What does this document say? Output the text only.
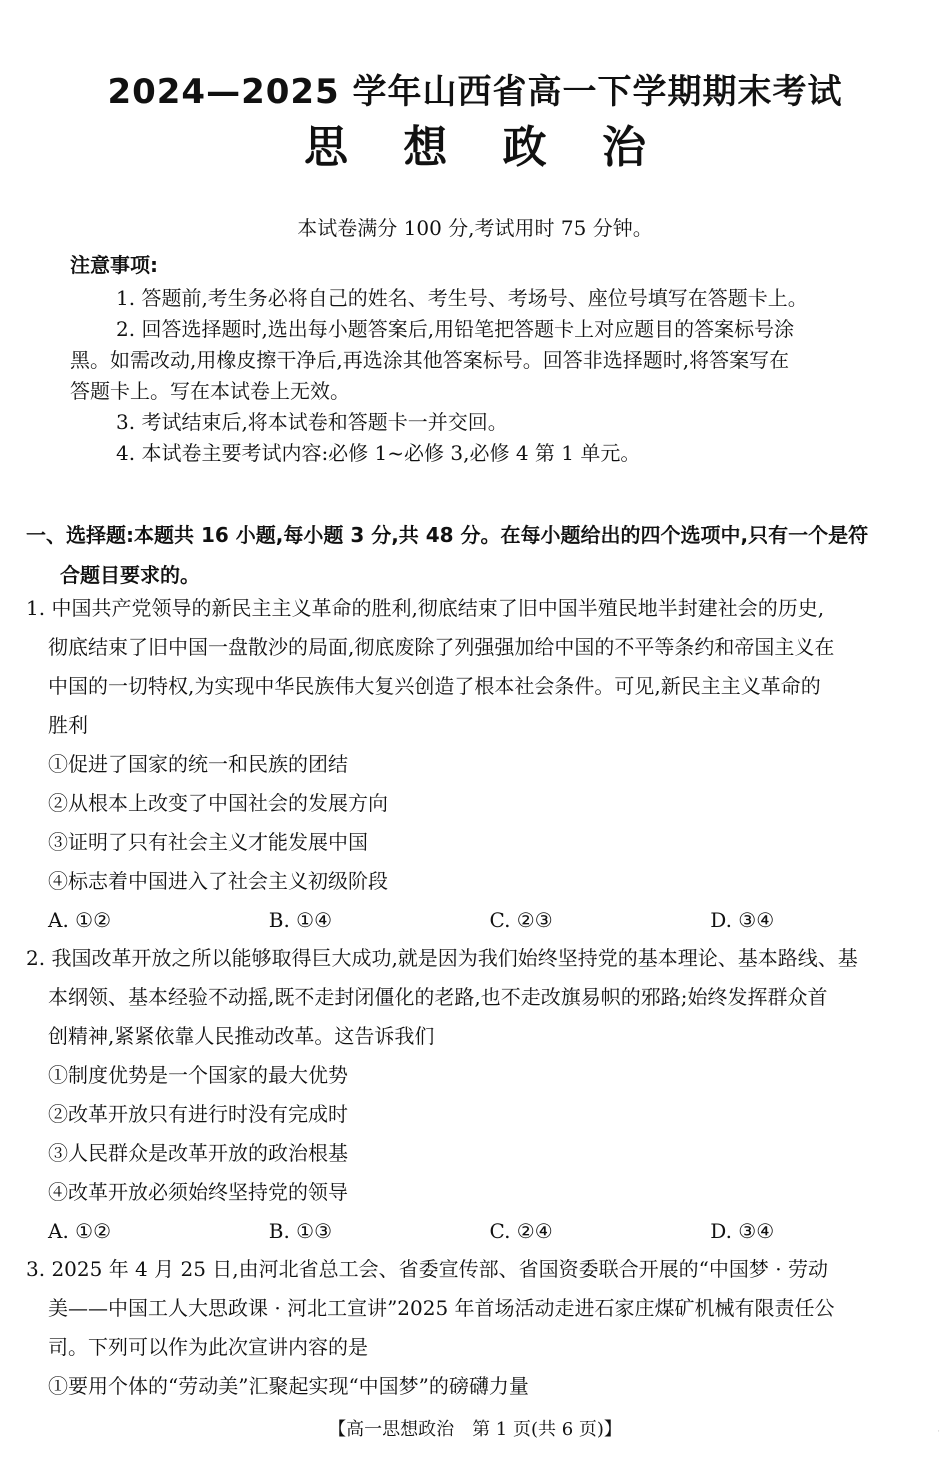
2024—2025 学年山西省高一下学期期末考试
思 想 政 治
本试卷满分 100 分,考试用时 75 分钟。
注意事项:
1. 答题前,考生务必将自己的姓名、考生号、考场号、座位号填写在答题卡上。
2. 回答选择题时,选出每小题答案后,用铅笔把答题卡上对应题目的答案标号涂
黑。如需改动,用橡皮擦干净后,再选涂其他答案标号。回答非选择题时,将答案写在
答题卡上。写在本试卷上无效。
3. 考试结束后,将本试卷和答题卡一并交回。
4. 本试卷主要考试内容:必修 1~必修 3,必修 4 第 1 单元。
一、选择题:本题共 16 小题,每小题 3 分,共 48 分。在每小题给出的四个选项中,只有一个是符
合题目要求的。
1. 中国共产党领导的新民主主义革命的胜利,彻底结束了旧中国半殖民地半封建社会的历史,
彻底结束了旧中国一盘散沙的局面,彻底废除了列强强加给中国的不平等条约和帝国主义在
中国的一切特权,为实现中华民族伟大复兴创造了根本社会条件。可见,新民主主义革命的
胜利
①促进了国家的统一和民族的团结
②从根本上改变了中国社会的发展方向
③证明了只有社会主义才能发展中国
④标志着中国进入了社会主义初级阶段
A. ①②	B. ①④	C. ②③	D. ③④
2. 我国改革开放之所以能够取得巨大成功,就是因为我们始终坚持党的基本理论、基本路线、基
本纲领、基本经验不动摇,既不走封闭僵化的老路,也不走改旗易帜的邪路;始终发挥群众首
创精神,紧紧依靠人民推动改革。这告诉我们
①制度优势是一个国家的最大优势
②改革开放只有进行时没有完成时
③人民群众是改革开放的政治根基
④改革开放必须始终坚持党的领导
A. ①②	B. ①③	C. ②④	D. ③④
3. 2025 年 4 月 25 日,由河北省总工会、省委宣传部、省国资委联合开展的“中国梦 · 劳动
美——中国工人大思政课 · 河北工宣讲”2025 年首场活动走进石家庄煤矿机械有限责任公
司。下列可以作为此次宣讲内容的是
①要用个体的“劳动美”汇聚起实现“中国梦”的磅礴力量
【高一思想政治　第 1 页(共 6 页)】	·
